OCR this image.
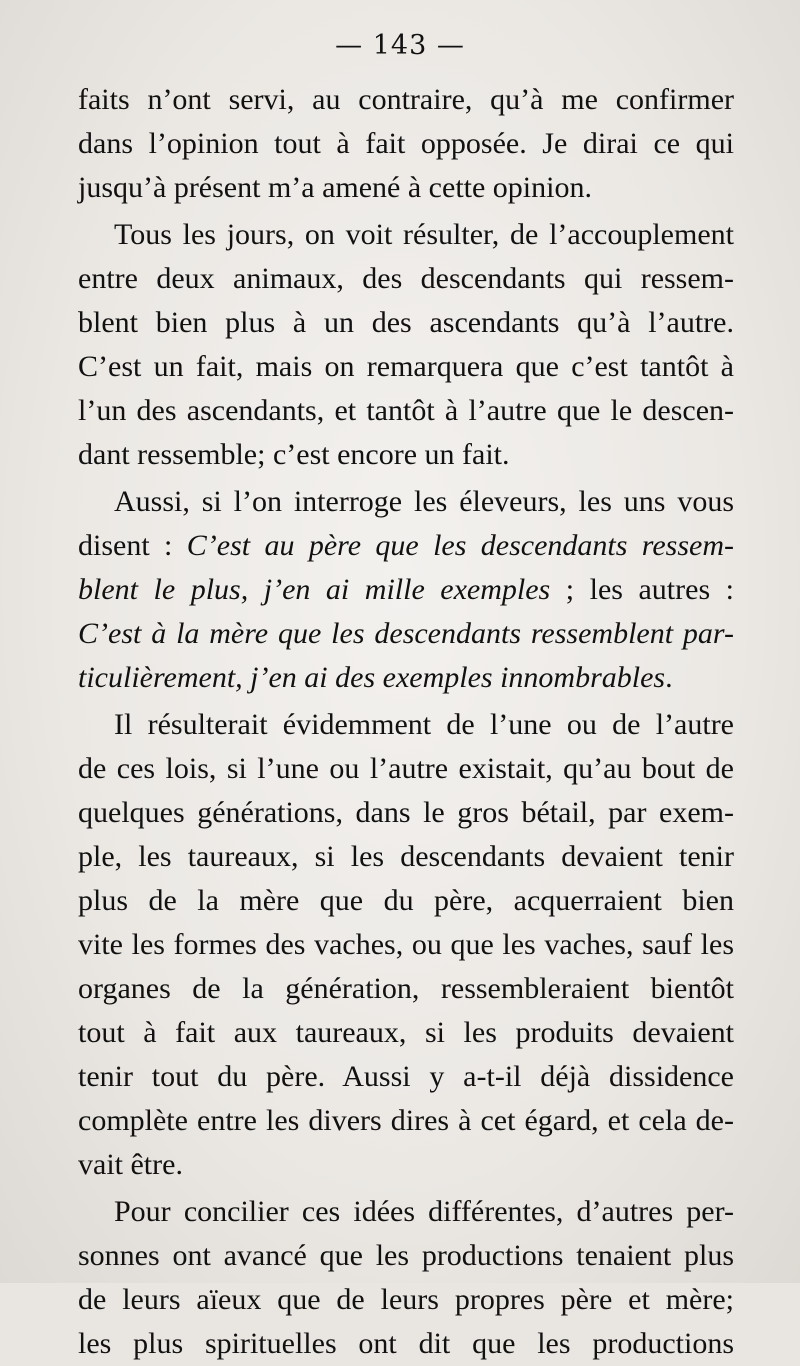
— 143 —
faits n’ont servi, au contraire, qu’à me confirmer
dans l’opinion tout à fait opposée. Je dirai ce qui
jusqu’à présent m’a amené à cette opinion.
Tous les jours, on voit résulter, de l’accouplement
entre deux animaux, des descendants qui ressem-
blent bien plus à un des ascendants qu’à l’autre.
C’est un fait, mais on remarquera que c’est tantôt à
l’un des ascendants, et tantôt à l’autre que le descen-
dant ressemble; c’est encore un fait.
Aussi, si l’on interroge les éleveurs, les uns vous
disent : C’est au père que les descendants ressem-
blent le plus, j’en ai mille exemples ; les autres :
C’est à la mère que les descendants ressemblent par-
ticulièrement, j’en ai des exemples innombrables.
Il résulterait évidemment de l’une ou de l’autre
de ces lois, si l’une ou l’autre existait, qu’au bout de
quelques générations, dans le gros bétail, par exem-
ple, les taureaux, si les descendants devaient tenir
plus de la mère que du père, acquerraient bien
vite les formes des vaches, ou que les vaches, sauf les
organes de la génération, ressembleraient bientôt
tout à fait aux taureaux, si les produits devaient
tenir tout du père. Aussi y a-t-il déjà dissidence
complète entre les divers dires à cet égard, et cela de-
vait être.
Pour concilier ces idées différentes, d’autres per-
sonnes ont avancé que les productions tenaient plus
de leurs aïeux que de leurs propres père et mère;
les plus spirituelles ont dit que les productions
